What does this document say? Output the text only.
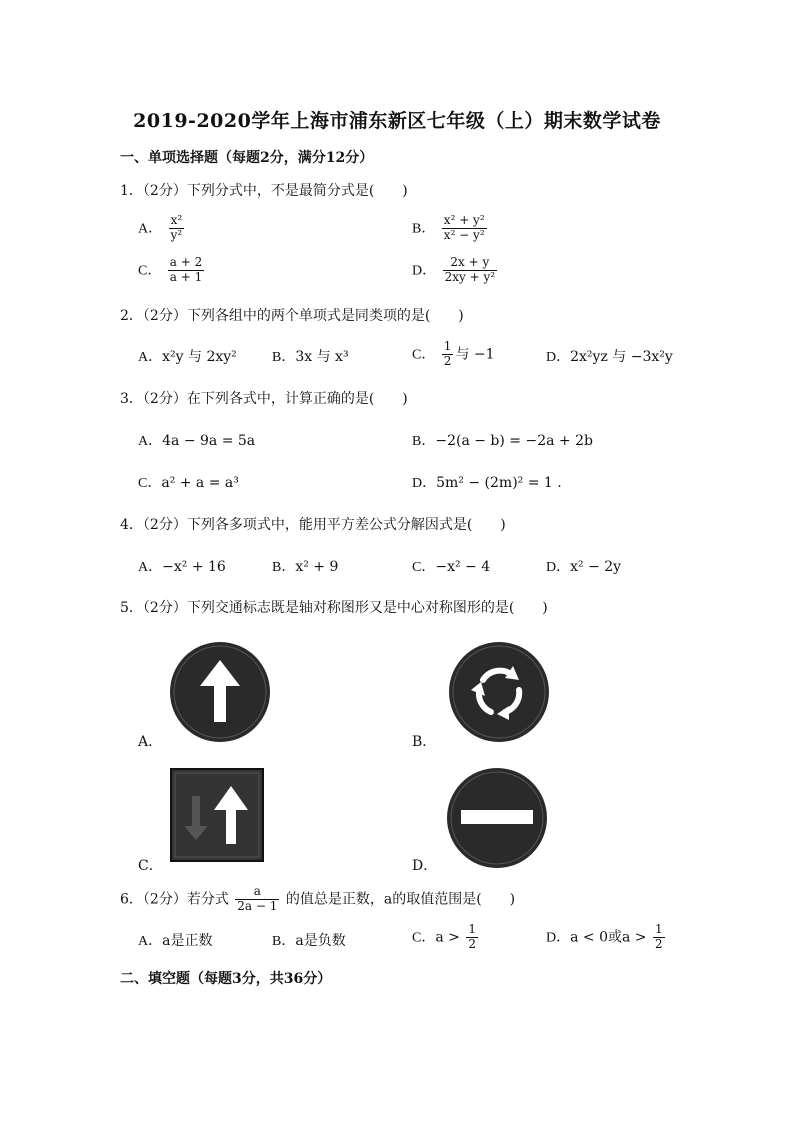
2019-2020学年上海市浦东新区七年级（上）期末数学试卷
一、单项选择题（每题2分，满分12分）
1．（2分）下列分式中，不是最简分式是(　　)
A． $\frac{\text{x²}}{\text{y²}}$	B． $\frac{\text{x² + y²}}{\text{x² − y²}}$
C． $\frac{a + 2}{a + 1}$	D． $\frac{2x + y}{\text{2xy + y²}}$
2．（2分）下列各组中的两个单项式是同类项的是(　　)
A．x²y 与 2xy²	B．3x 与 x³	C． $\frac{1}{2}$ 与 −1	D．2x²yz 与 −3x²y
3．（2分）在下列各式中，计算正确的是(　　)
A．4a − 9a = 5a	B．−2(a − b) = −2a + 2b
C．a² + a = a³	D．5m² − (2m)² = 1 .
4．（2分）下列各多项式中，能用平方差公式分解因式是(　　)
A．−x² + 16	B．x² + 9	C．−x² − 4	D．x² − 2y
5．（2分）下列交通标志既是轴对称图形又是中心对称图形的是(　　)
A．	B．
C．	D．
6．（2分）若分式 $\frac{a}{2a - 1}$ 的值总是正数，a的取值范围是(　　)
A．a是正数	B．a是负数	C．$a > \frac{1}{2}$	D．a < 0或$a > \frac{1}{2}$
二、填空题（每题3分，共36分）
